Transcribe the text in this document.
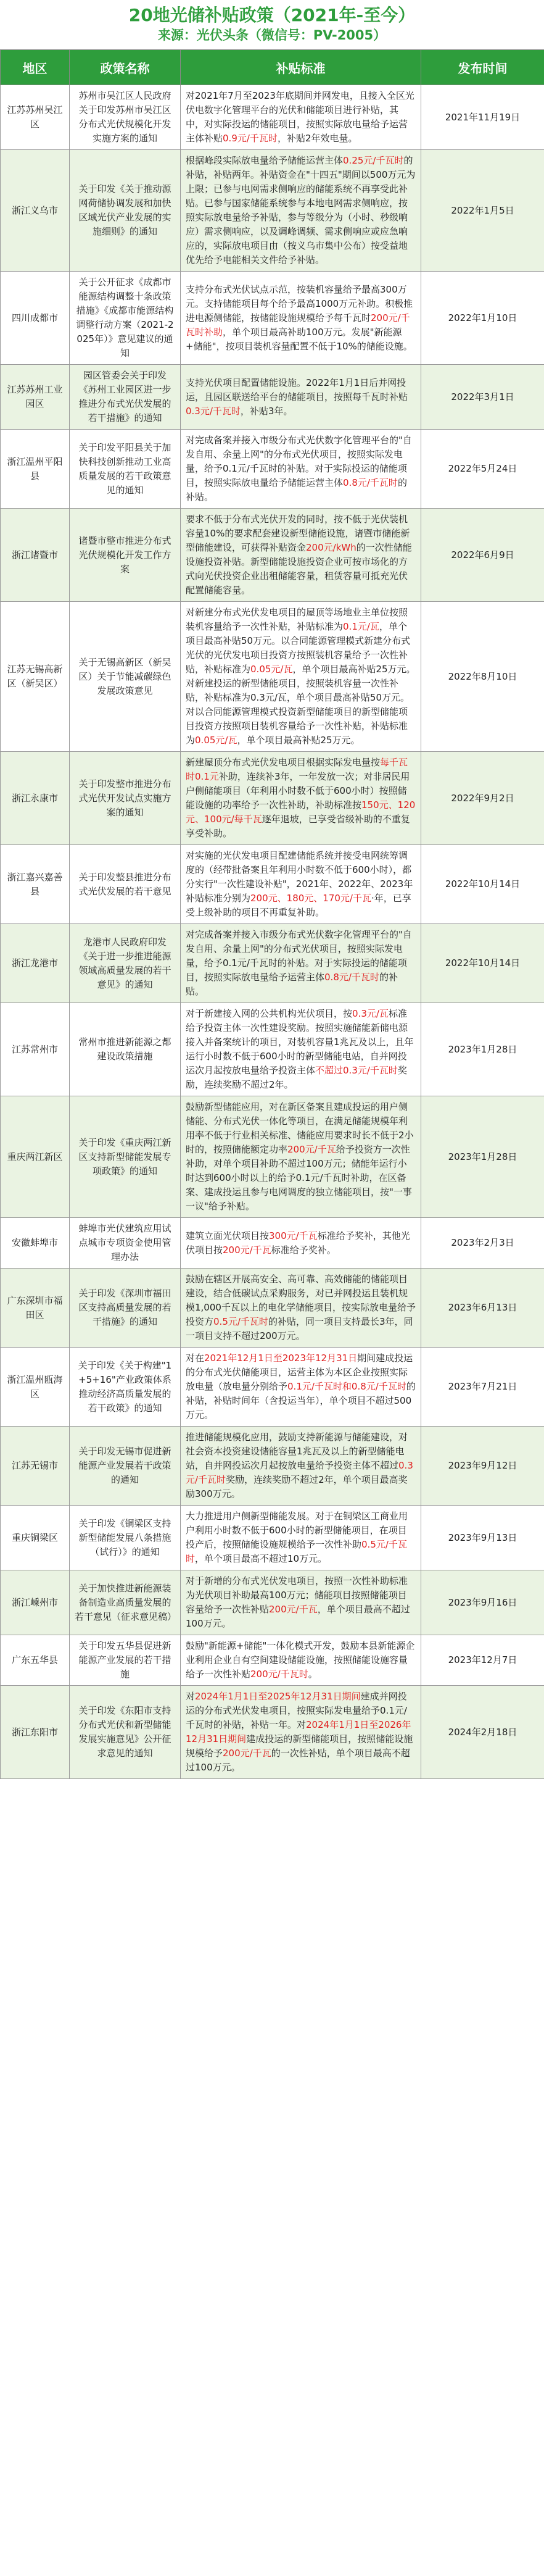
20地光储补贴政策（2021年-至今）
来源：光伏头条（微信号：PV-2005）
地区	政策名称	补贴标准	发布时间
江苏苏州吴江区	苏州市吴江区人民政府关于印发苏州市吴江区分布式光伏规模化开发实施方案的通知	对2021年7月至2023年底期间并网发电，且接入全区光伏电数字化管理平台的光伏和储能项目进行补贴，其中，对实际投运的储能项目，按照实际放电量给予运营主体补贴0.9元/千瓦时，补贴2年效电量。	2021年11月19日
浙江义乌市	关于印发《关于推动源网荷储协调发展和加快区域光伏产业发展的实施细则》的通知	根据峰段实际放电量给予储能运营主体0.25元/千瓦时的补贴，补贴两年。补贴资金在"十四五"期间以500万元为上限；已参与电网需求侧响应的储能系统不再享受此补贴。已参与国家储能系统参与本地电网需求侧响应，按照实际放电量给予补贴，参与等级分为（小时、秒级响应）需求侧响应，以及调峰调频、需求侧响应或应急响应的，实际放电项目由（按义乌市集中公布）按受益地优先给予电能相关文件给予补贴。	2022年1月5日
四川成都市	关于公开征求《成都市能源结构调整十条政策措施》《成都市能源结构调整行动方案（2021-2025年）》意见建议的通知	支持分布式光伏试点示范，按装机容量给予最高300万元。支持储能项目每个给予最高1000万元补助。积极推进电源侧储能，按储能设施规模给予每千瓦时200元/千瓦时补助，单个项目最高补助100万元。发展"新能源+储能"，按项目装机容量配置不低于10%的储能设施。	2022年1月10日
江苏苏州工业园区	园区管委会关于印发《苏州工业园区进一步推进分布式光伏发展的若干措施》的通知	支持光伏项目配置储能设施。2022年1月1日后并网投运，且园区联送给平台的储能项目，按照每千瓦时补贴0.3元/千瓦时，补贴3年。	2022年3月1日
浙江温州平阳县	关于印发平阳县关于加快科技创新推动工业高质量发展的若干政策意见的通知	对完成备案并接入市级分布式光伏数字化管理平台的"自发自用、余量上网"的分布式光伏项目，按照实际发电量，给予0.1元/千瓦时的补贴。对于实际投运的储能项目，按照实际放电量给予储能运营主体0.8元/千瓦时的补贴。	2022年5月24日
浙江诸暨市	诸暨市整市推进分布式光伏规模化开发工作方案	要求不低于分布式光伏开发的同时，按不低于光伏装机容量10%的要求配套建设新型储能设施，诸暨市储能新型储能建设，可获得补贴资金200元/kWh的一次性储能设施投资补贴。新型储能设施投资企业可按市场化的方式向光伏投资企业出租储能容量，租赁容量可抵充光伏配置储能容量。	2022年6月9日
江苏无锡高新区（新吴区）	关于无锡高新区（新吴区）关于节能减碳绿色发展政策意见	对新建分布式光伏发电项目的屋顶等场地业主单位按照装机容量给予一次性补贴，补贴标准为0.1元/瓦，单个项目最高补贴50万元。以合同能源管理模式新建分布式光伏的光伏发电项目投资方按照装机容量给予一次性补贴，补贴标准为0.05元/瓦，单个项目最高补贴25万元。对新建投运的新型储能项目，按照装机容量一次性补贴，补贴标准为0.3元/瓦，单个项目最高补贴50万元。对以合同能源管理模式投资新型储能项目的新型储能项目投资方按照项目装机容量给予一次性补贴，补贴标准为0.05元/瓦，单个项目最高补贴25万元。	2022年8月10日
浙江永康市	关于印发整市推进分布式光伏开发试点实施方案的通知	新建屋顶分布式光伏发电项目根据实际发电量按每千瓦时0.1元补助，连续补3年，一年发放一次；对非居民用户侧储能项目（年利用小时数不低于600小时）按照储能设施的功率给予一次性补助，补助标准按150元、120元、100元/每千瓦逐年退坡，已享受省级补助的不重复享受补助。	2022年9月2日
浙江嘉兴嘉善县	关于印发整县推进分布式光伏发展的若干意见	对实施的光伏发电项目配建储能系统并接受电网统筹调度的（经带批备案且年利用小时数不低于600小时），都分实行"一次性建设补贴"，2021年、2022年、2023年补贴标准分别为200元、180元、170元/千瓦·年，已享受上级补助的项目不再重复补助。	2022年10月14日
浙江龙港市	龙港市人民政府印发《关于进一步推进能源领域高质量发展的若干意见》的通知	对完成备案并接入市级分布式光伏数字化管理平台的"自发自用、余量上网"的分布式光伏项目，按照实际发电量，给予0.1元/千瓦时的补贴。对于实际投运的储能项目，按照实际放电量给予运营主体0.8元/千瓦时的补贴。	2022年10月14日
江苏常州市	常州市推进新能源之都建设政策措施	对于新建接入网的公共机构光伏项目，按0.3元/瓦标准给予投资主体一次性建设奖励。按照实施储能新储电源接入并备案统计的项目，对装机容量1兆瓦及以上，且年运行小时数不低于600小时的新型储能电站，自并网投运次月起按放电量给予投资主体不超过0.3元/千瓦时奖励，连续奖励不超过2年。	2023年1月28日
重庆两江新区	关于印发《重庆两江新区支持新型储能发展专项政策》的通知	鼓励新型储能应用，对在新区备案且建成投运的用户侧储能、分布式光伏一体化等项目，在满足储能规模年利用率不低于行业相关标准、储能应用要求时长不低于2小时的，按照储能额定功率200元/千瓦给予投资方一次性补助，对单个项目补助不超过100万元；储能年运行小时达到600小时以上的给予0.1元/千瓦时补助，在区备案、建成投运且参与电网调度的独立储能项目，按"一事一议"给予补贴。	2023年1月28日
安徽蚌埠市	蚌埠市光伏建筑应用试点城市专项资金使用管理办法	建筑立面光伏项目按300元/千瓦标准给予奖补，其他光伏项目按200元/千瓦标准给予奖补。	2023年2月3日
广东深圳市福田区	关于印发《深圳市福田区支持高质量发展的若干措施》的通知	鼓励在辖区开展高安全、高可靠、高效储能的储能项目建设，结合低碳试点采购服务，对已并网投运且装机规模1,000千瓦以上的电化学储能项目，按实际放电量给予投资方0.5元/千瓦时的补贴，同一项目支持最长3年，同一项目支持不超过200万元。	2023年6月13日
浙江温州瓯海区	关于印发《关于构建"1+5+16"产业政策体系推动经济高质量发展的若干政策》的通知	对在2021年12月1日至2023年12月31日期间建成投运的分布式光伏储能项目，运营主体为本区企业按照实际放电量（放电量分别给予0.1元/千瓦时和0.8元/千瓦时的补贴，补贴时间年（含投运当年），单个项目不超过500万元。	2023年7月21日
江苏无锡市	关于印发无锡市促进新能源产业发展若干政策的通知	推进储能规模化应用，鼓励支持新能源与储能建设，对社会资本投资建设储能容量1兆瓦及以上的新型储能电站，自并网投运次月起按放电量给予投资主体不超过0.3元/千瓦时奖励，连续奖励不超过2年，单个项目最高奖励300万元。	2023年9月12日
重庆铜梁区	关于印发《铜梁区支持新型储能发展八条措施（试行）》的通知	大力推进用户侧新型储能发展。对于在铜梁区工商业用户利用小时数不低于600小时的新型储能项目，在项目投产后，按照储能设施规模给予一次性补助0.5元/千瓦时，单个项目最高不超过10万元。	2023年9月13日
浙江嵊州市	关于加快推进新能源装备制造业高质量发展的若干意见（征求意见稿）	对于新增的分布式光伏发电项目，按照一次性补助标准为光伏项目补助最高100万元；储能项目按照储能项目容量给予一次性补贴200元/千瓦，单个项目最高不超过100万元。	2023年9月16日
广东五华县	关于印发五华县促进新能源产业发展的若干措施	鼓励"新能源+储能"一体化模式开发，鼓励本县新能源企业利用企业自有空间建设储能设施，按照储能设施容量给予一次性补贴200元/千瓦时。	2023年12月7日
浙江东阳市	关于印发《东阳市支持分布式光伏和新型储能发展实施意见》公开征求意见的通知	对2024年1月1日至2025年12月31日期间建成并网投运的分布式光伏发电项目，按照实际发电量给予0.1元/千瓦时的补贴，补贴一年。对2024年1月1日至2026年12月31日期间建成投运的新型储能项目，按照储能设施规模给予200元/千瓦的一次性补贴，单个项目最高不超过100万元。	2024年2月18日
